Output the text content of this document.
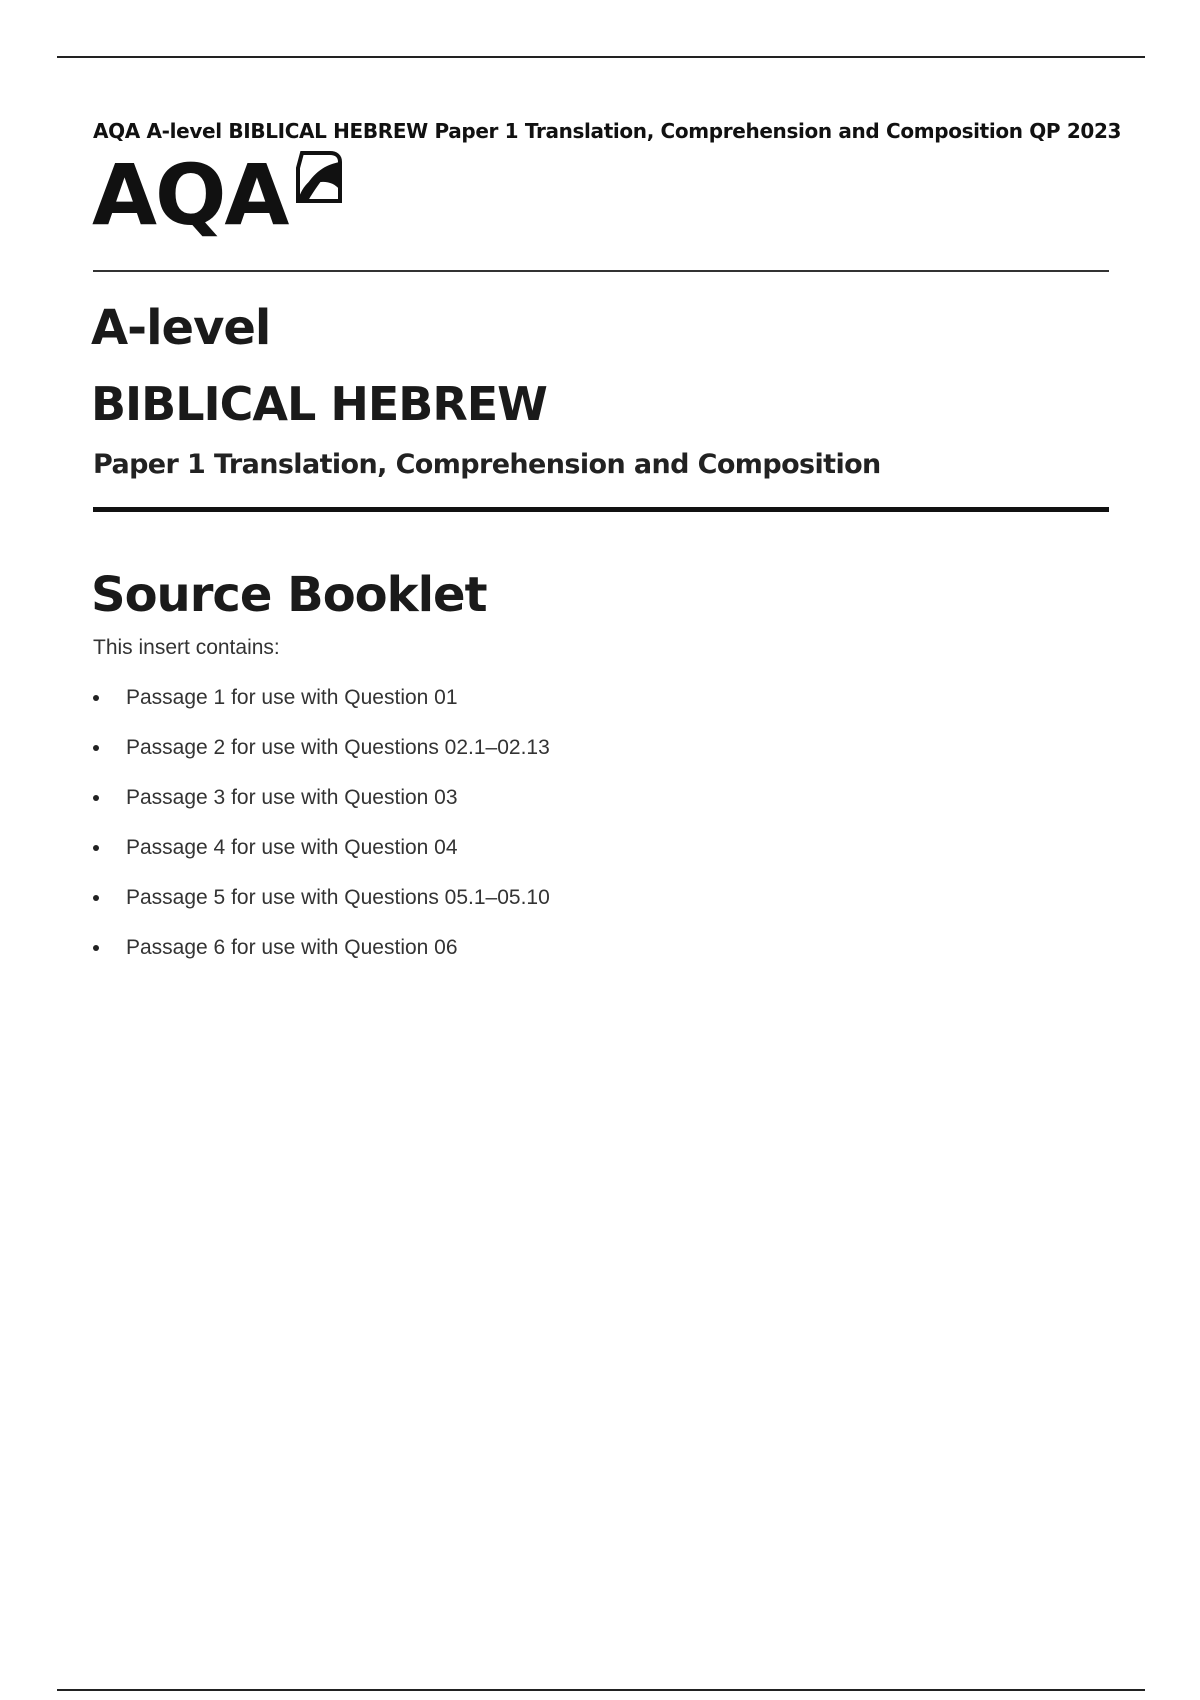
AQA A-level BIBLICAL HEBREW Paper 1 Translation, Comprehension and Composition QP 2023
AQA
A-level
BIBLICAL HEBREW
Paper 1 Translation, Comprehension and Composition
Source Booklet
This insert contains:
Passage 1 for use with Question 01
Passage 2 for use with Questions 02.1–02.13
Passage 3 for use with Question 03
Passage 4 for use with Question 04
Passage 5 for use with Questions 05.1–05.10
Passage 6 for use with Question 06
